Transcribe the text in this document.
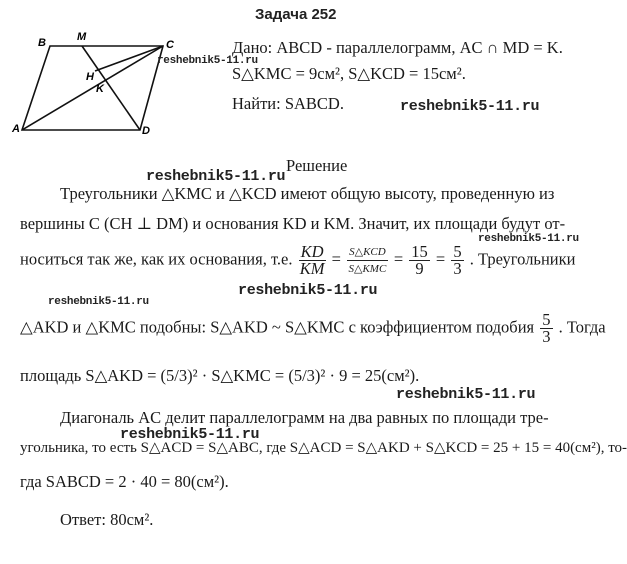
Задача 252
B	M
C
H
K
A	D
Дано: ABCD - параллелограмм, AC ∩ MD = K.
S△KMC = 9см², S△KCD = 15см².
Найти: SABCD.
reshebnik5-11.ru
reshebnik5-11.ru
reshebnik5-11.ru
reshebnik5-11.ru
reshebnik5-11.ru
reshebnik5-11.ru
reshebnik5-11.ru
reshebnik5-11.ru
Решение
Треугольники △KMC и △KCD имеют общую высоту, проведенную из
вершины C (CH ⊥ DM) и основания KD и KM. Значит, их площади будут от-
носиться так же, как их основания, т.е. $\frac{KD}{KM} = \frac{\text{S△KCD}}{\text{S△KMC}} = \frac{15}{9} = \frac{5}{3}$ . Треугольники
△AKD и △KMC подобны: S△AKD ~ S△KMC с коэффициентом подобия $\frac{5}{3}$ . Тогда
площадь S△AKD = (5/3)² · S△KMC = (5/3)² · 9 = 25(см²).
Диагональ AC делит параллелограмм на два равных по площади тре-
угольника, то есть S△ACD = S△ABC, где S△ACD = S△AKD + S△KCD = 25 + 15 = 40(см²), то-
гда SABCD = 2 · 40 = 80(см²).
Ответ: 80см².
